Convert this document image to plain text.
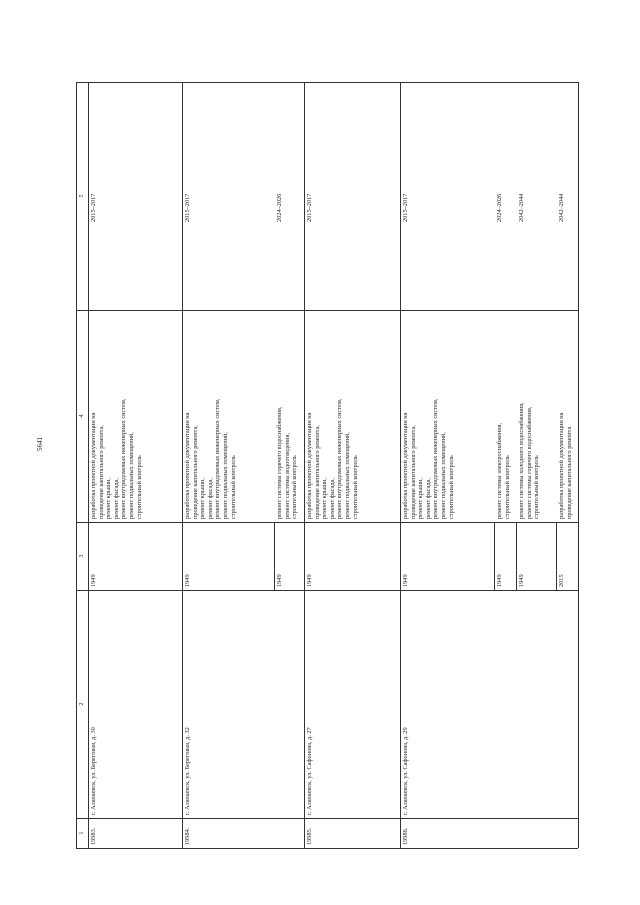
5641
1
2
3
4
5
19983.
г. Алапаевск, ул. Береговая, д. 30
1949
разработка проектной документации на проведение капитального ремонта, ремонт крыши, ремонт фасада, ремонт внутридомовых инженерных систем, ремонт подвальных помещений, строительный контроль
2015–2017
19984.
г. Алапаевск, ул. Береговая, д. 32
1949
разработка проектной документации на проведение капитального ремонта, ремонт крыши, ремонт фасада, ремонт внутридомовых инженерных систем, ремонт подвальных помещений, строительный контроль
2015–2017
1949
ремонт системы горячего водоснабжения, ремонт системы водоотведения, строительный контроль
2024–2026
19985.
г. Алапаевск, ул. Сафонова, д. 27
1949
разработка проектной документации на проведение капитального ремонта, ремонт крыши, ремонт фасада, ремонт внутридомовых инженерных систем, ремонт подвальных помещений, строительный контроль
2015–2017
19986.
г. Алапаевск, ул. Сафонова, д. 29
1949
разработка проектной документации на проведение капитального ремонта, ремонт крыши, ремонт фасада, ремонт внутридомовых инженерных систем, ремонт подвальных помещений, строительный контроль
2015–2017
1949
ремонт системы электроснабжения, строительный контроль
2024–2026
1949
ремонт системы холодного водоснабжения, ремонт системы горячего водоснабжения, строительный контроль
2042–2044
2015
разработка проектной документации на проведение капитального ремонта
2042–2044
